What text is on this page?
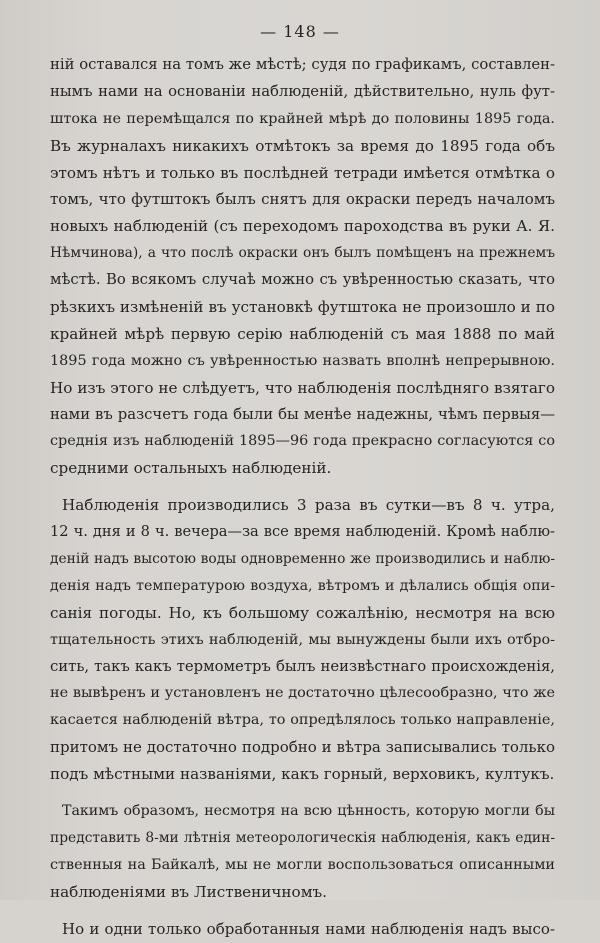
— 148 —
ній оставался на томъ же мѣстѣ; судя по графикамъ, составлен-
нымъ нами на основаніи наблюденій, дѣйствительно, нуль фут-
штока не перемѣщался по крайней мѣрѣ до половины 1895 года.
Въ журналахъ никакихъ отмѣтокъ за время до 1895 года объ
этомъ нѣтъ и только въ послѣдней тетради имѣется отмѣтка о
томъ, что футштокъ былъ снятъ для окраски передъ началомъ
новыхъ наблюденій (съ переходомъ пароходства въ руки А. Я.
Нѣмчинова), а что послѣ окраски онъ былъ помѣщенъ на прежнемъ
мѣстѣ. Во всякомъ случаѣ можно съ увѣренностью сказать, что
рѣзкихъ измѣненій въ установкѣ футштока не произошло и по
крайней мѣрѣ первую серію наблюденій съ мая 1888 по май
1895 года можно съ увѣренностью назвать вполнѣ непрерывною.
Но изъ этого не слѣдуетъ, что наблюденія послѣдняго взятаго
нами въ разсчетъ года были бы менѣе надежны, чѣмъ первыя—
среднія изъ наблюденій 1895—96 года прекрасно согласуются со
средними остальныхъ наблюденій.
Наблюденія производились 3 раза въ сутки—въ 8 ч. утра,
12 ч. дня и 8 ч. вечера—за все время наблюденій. Кромѣ наблю-
деній надъ высотою воды одновременно же производились и наблю-
денія надъ температурою воздуха, вѣтромъ и дѣлались общія опи-
санія погоды. Но, къ большому сожалѣнію, несмотря на всю
тщательность этихъ наблюденій, мы вынуждены были ихъ отбро-
сить, такъ какъ термометръ былъ неизвѣстнаго происхожденія,
не вывѣренъ и установленъ не достаточно цѣлесообразно, что же
касается наблюденій вѣтра, то опредѣлялось только направленіе,
притомъ не достаточно подробно и вѣтра записывались только
подъ мѣстными названіями, какъ горный, верховикъ, култукъ.
Такимъ образомъ, несмотря на всю цѣнность, которую могли бы
представить 8-ми лѣтнія метеорологическія наблюденія, какъ един-
ственныя на Байкалѣ, мы не могли воспользоваться описанными
наблюденіями въ Лиственичномъ.
Но и одни только обработанныя нами наблюденія надъ высо-
